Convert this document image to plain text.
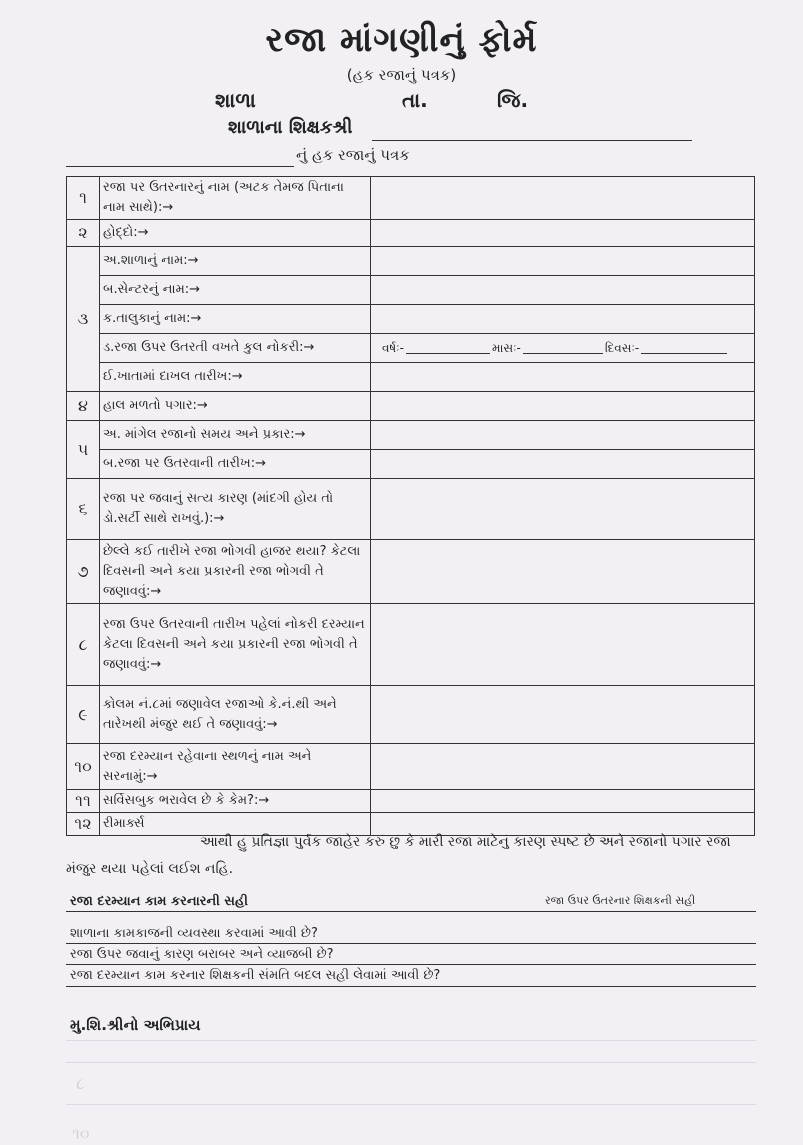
રજા માંગણીનું ફોર્મ
(હક રજાનું પત્રક)
શાળા	તા.	જિ.
શાળાના શિક્ષકશ્રી
નું હક રજાનું પત્રક
૧	રજા પર ઉતરનારનું નામ (અટક તેમજ પિતાના નામ સાથે):→	
૨	હોદ્દો:→	
૩	અ.શાળાનું નામ:→	
	બ.સેન્ટરનું નામ:→	
	ક.તાલુકાનું નામ:→	
	ડ.રજા ઉપર ઉતરતી વખતે કુલ નોકરી:→	વર્ષઃ- માસઃ- દિવસઃ-

	ઈ.ખાતામાં દાખલ તારીખ:→	
૪	હાલ મળતો પગાર:→	
૫	અ. માંગેલ રજાનો સમય અને પ્રકાર:→	
	બ.રજા પર ઉતરવાની તારીખ:→	
૬	રજા પર જવાનું સત્ય કારણ (માંદગી હોય તો ડો.સર્ટી સાથે રાખવું.):→	
૭	છેલ્લે કઈ તારીખે રજા ભોગવી હાજર થયા? કેટલા દિવસની અને કયા પ્રકારની રજા ભોગવી તે જણાવવું:→	
૮	રજા ઉપર ઉતરવાની તારીખ પહેલાં નોકરી દરમ્યાન કેટલા દિવસની અને કયા પ્રકારની રજા ભોગવી તે જણાવવું:→	
૯	કોલમ નં.૮માં જણાવેલ રજાઓ કે.નં.થી અને તારેખથી મંજુર થઈ તે જણાવવું:→	
૧૦	રજા દરમ્યાન રહેવાના સ્થળનું નામ અને સરનામું:→	
૧૧	સર્વિસબુક ભરાવેલ છે કે કેમ?:→	
૧૨	રીમાર્ક્સ	
આથી હું પ્રતિજ્ઞા પુર્વક જાહેર કરું છું કે મારી રજા માટેનું કારણ સ્પષ્ટ છે અને રજાનો પગાર રજા મંજુર થયા પહેલાં લઈશ નહિ.
રજા દરમ્યાન કામ કરનારની સહી	રજા ઉપર ઉતરનાર શિક્ષકની સહી
શાળાના કામકાજની વ્યવસ્થા કરવામાં આવી છે?
રજા ઉપર જવાનું કારણ બરાબર અને વ્યાજબી છે?
રજા દરમ્યાન કામ કરનાર શિક્ષકની સંમતિ બદલ સહી લેવામાં આવી છે?
મુ.શિ.શ્રીનો અભિપ્રાય
૮
૧૦
